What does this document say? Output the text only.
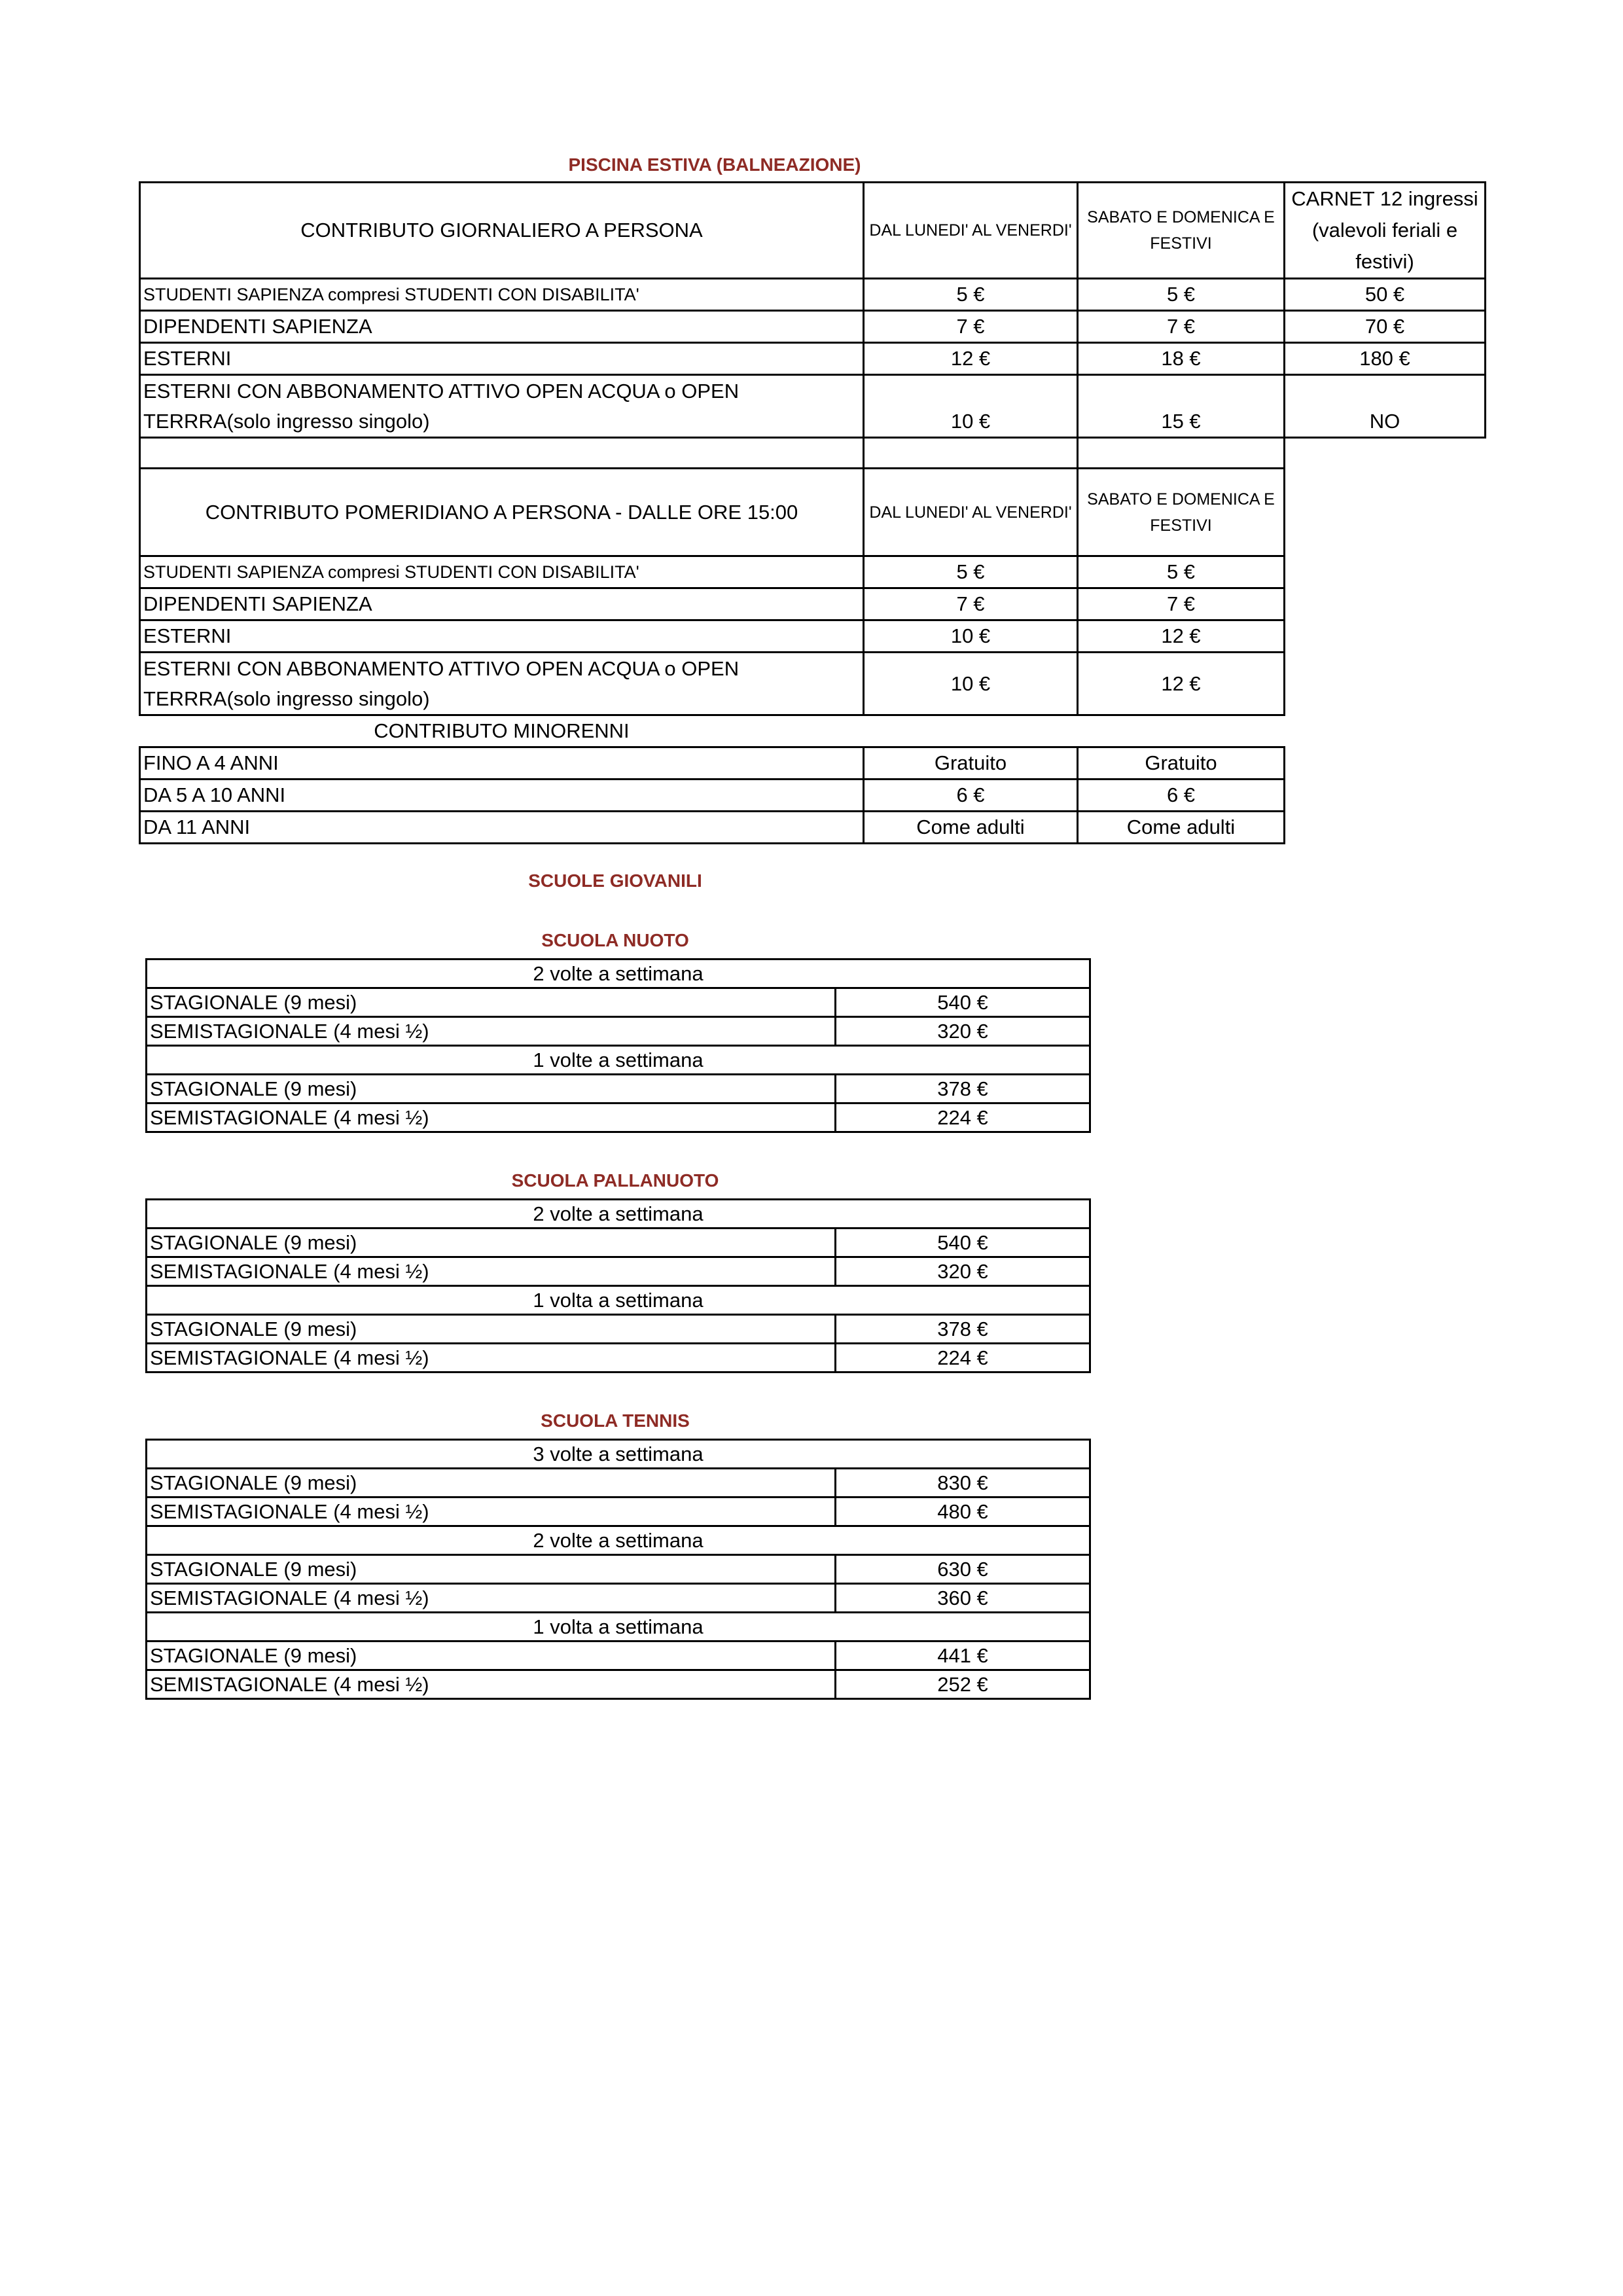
PISCINA ESTIVA (BALNEAZIONE)
CONTRIBUTO GIORNALIERO A PERSONA	DAL LUNEDI' AL VENERDI'	SABATO E DOMENICA E FESTIVI	CARNET 12 ingressi (valevoli feriali e festivi)
STUDENTI SAPIENZA compresi STUDENTI CON DISABILITA'	5 €	5 €	50 €
DIPENDENTI SAPIENZA	7 €	7 €	70 €
ESTERNI	12 €	18 €	180 €
ESTERNI CON ABBONAMENTO ATTIVO OPEN ACQUA o OPEN TERRRA(solo ingresso singolo)	10 €	15 €	NO

CONTRIBUTO POMERIDIANO A PERSONA - DALLE ORE 15:00	DAL LUNEDI' AL VENERDI'	SABATO E DOMENICA E FESTIVI	
STUDENTI SAPIENZA compresi STUDENTI CON DISABILITA'	5 €	5 €	
DIPENDENTI SAPIENZA	7 €	7 €	
ESTERNI	10 €	12 €	
ESTERNI CON ABBONAMENTO ATTIVO OPEN ACQUA o OPEN TERRRA(solo ingresso singolo)	10 €	12 €	
CONTRIBUTO MINORENNI			
FINO A 4 ANNI	Gratuito	Gratuito	
DA 5 A 10 ANNI	6 €	6 €	
DA 11 ANNI	Come adulti	Come adulti	
SCUOLE GIOVANILI
SCUOLA NUOTO
2 volte a settimana	
STAGIONALE (9 mesi)	540 €
SEMISTAGIONALE (4 mesi ½)	320 €
1 volte a settimana	
STAGIONALE (9 mesi)	378 €
SEMISTAGIONALE (4 mesi ½)	224 €
SCUOLA PALLANUOTO
2 volte a settimana	
STAGIONALE (9 mesi)	540 €
SEMISTAGIONALE (4 mesi ½)	320 €
1 volta a settimana	
STAGIONALE (9 mesi)	378 €
SEMISTAGIONALE (4 mesi ½)	224 €
SCUOLA TENNIS
3 volte a settimana	
STAGIONALE (9 mesi)	830 €
SEMISTAGIONALE (4 mesi ½)	480 €
2 volte a settimana	
STAGIONALE (9 mesi)	630 €
SEMISTAGIONALE (4 mesi ½)	360 €
1 volta a settimana	
STAGIONALE (9 mesi)	441 €
SEMISTAGIONALE (4 mesi ½)	252 €
